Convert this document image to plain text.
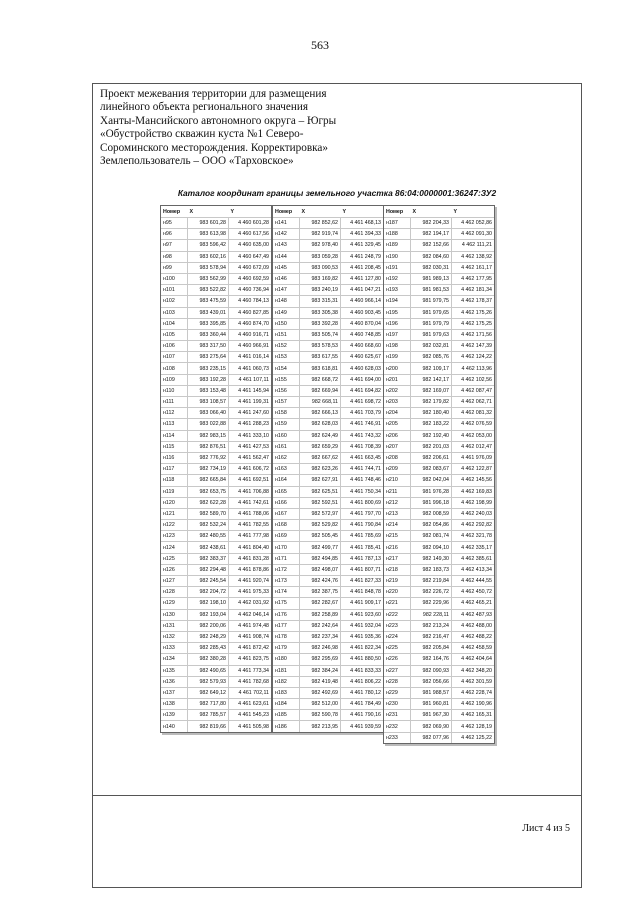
563
Проект межевания территории для размещения
линейного объекта регионального значения
Ханты-Мансийского автономного округа – Югры
«Обустройство скважин куста №1 Северо-
Сороминского месторождения. Корректировка»
Землепользователь – ООО «Тарховское»
Каталог координат границы земельного участка 86:04:0000001:36247:ЗУ2
Номер	X	Y
н95	983 601,28	4 460 601,28
н96	983 613,98	4 460 617,56
н97	983 596,42	4 460 635,00
н98	983 602,16	4 460 647,49
н99	983 578,94	4 460 672,09
н100	983 562,99	4 460 692,59
н101	983 522,82	4 460 736,94
н102	983 475,59	4 460 784,13
н103	983 439,01	4 460 827,85
н104	983 395,85	4 460 874,70
н105	983 360,44	4 460 916,71
н106	983 317,50	4 460 966,91
н107	983 275,64	4 461 016,14
н108	983 235,15	4 461 060,73
н109	983 192,28	4 461 107,11
н110	983 153,48	4 461 145,94
н111	983 108,57	4 461 199,31
н112	983 066,40	4 461 247,60
н113	983 022,88	4 461 288,23
н114	982 983,15	4 461 333,10
н115	982 876,51	4 461 427,53
н116	982 776,92	4 461 562,47
н117	982 734,19	4 461 606,72
н118	982 665,84	4 461 692,51
н119	982 653,75	4 461 706,88
н120	982 622,28	4 461 742,61
н121	982 589,70	4 461 788,06
н122	982 532,24	4 461 782,55
н123	982 480,55	4 461 777,98
н124	982 438,61	4 461 804,40
н125	982 383,37	4 461 831,28
н126	982 294,48	4 461 878,86
н127	982 245,54	4 461 920,74
н128	982 204,72	4 461 975,33
н129	982 198,10	4 462 031,92
н130	982 193,04	4 462 046,14
н131	982 200,06	4 461 974,48
н132	982 248,29	4 461 908,74
н133	982 285,43	4 461 872,42
н134	982 380,28	4 461 823,75
н135	982 490,65	4 461 773,34
н136	982 579,93	4 461 782,68
н137	982 649,12	4 461 702,11
н138	982 717,80	4 461 623,61
н139	982 785,57	4 461 545,23
н140	982 819,66	4 461 505,98
Номер	X	Y
н141	982 852,62	4 461 468,13
н142	982 919,74	4 461 394,33
н143	982 978,40	4 461 329,45
н144	983 059,28	4 461 248,79
н145	983 090,53	4 461 208,45
н146	983 169,82	4 461 127,80
н147	983 240,19	4 461 047,21
н148	983 315,31	4 460 966,14
н149	983 305,38	4 460 903,45
н150	983 392,28	4 460 870,04
н151	983 505,74	4 460 748,85
н152	983 578,53	4 460 668,60
н153	983 617,55	4 460 625,67
н154	983 618,81	4 460 628,03
н155	982 668,72	4 461 694,00
н156	982 669,94	4 461 694,82
н157	982 668,11	4 461 698,72
н158	982 666,13	4 461 703,79
н159	982 628,03	4 461 746,91
н160	982 624,49	4 461 743,32
н161	982 659,29	4 461 708,39
н162	982 667,62	4 461 663,45
н163	982 623,26	4 461 744,71
н164	982 627,91	4 461 748,46
н165	982 625,51	4 461 750,34
н166	982 592,51	4 461 800,69
н167	982 572,97	4 461 797,70
н168	982 529,82	4 461 790,84
н169	982 505,45	4 461 785,69
н170	982 499,77	4 461 785,41
н171	982 494,85	4 461 787,13
н172	982 498,07	4 461 807,71
н173	982 424,76	4 461 827,33
н174	982 387,75	4 461 848,78
н175	982 282,67	4 461 909,17
н176	982 258,89	4 461 923,60
н177	982 242,64	4 461 932,04
н178	982 237,34	4 461 935,36
н179	982 246,98	4 461 822,34
н180	982 295,69	4 461 880,50
н181	982 384,24	4 461 833,33
н182	982 419,48	4 461 806,22
н183	982 492,69	4 461 780,12
н184	982 512,00	4 461 784,49
н185	982 590,78	4 461 790,16
н186	982 213,95	4 461 939,59
Номер	X	Y
н187	982 204,33	4 462 052,86
н188	982 194,17	4 462 091,30
н189	982 152,66	4 462 111,21
н190	982 084,60	4 462 138,92
н191	982 030,31	4 462 161,17
н192	981 989,13	4 462 177,95
н193	981 981,53	4 462 181,34
н194	981 979,75	4 462 178,37
н195	981 979,65	4 462 175,26
н196	981 979,79	4 462 175,25
н197	981 979,63	4 462 171,56
н198	982 032,81	4 462 147,39
н199	982 085,76	4 462 124,22
н200	982 109,17	4 462 113,96
н201	982 142,17	4 462 102,56
н202	982 169,07	4 462 087,47
н203	982 179,82	4 462 062,71
н204	982 180,40	4 462 081,32
н205	982 183,22	4 462 076,59
н206	982 192,40	4 462 053,00
н207	982 201,03	4 462 012,47
н208	982 206,61	4 461 976,09
н209	982 083,67	4 462 122,87
н210	982 042,04	4 462 145,56
н211	981 976,28	4 462 169,83
н212	981 996,18	4 462 198,99
н213	982 008,59	4 462 240,03
н214	982 054,86	4 462 292,82
н215	982 081,74	4 462 321,78
н216	982 094,10	4 462 335,17
н217	982 149,30	4 462 385,61
н218	982 183,73	4 462 413,34
н219	982 219,84	4 462 444,55
н220	982 226,72	4 462 450,72
н221	982 229,96	4 462 465,21
н222	982 228,11	4 462 487,93
н223	982 213,24	4 462 488,00
н224	982 216,47	4 462 488,22
н225	982 205,84	4 462 458,59
н226	982 164,76	4 462 404,64
н227	982 090,93	4 462 348,20
н228	982 056,66	4 462 301,59
н229	981 988,57	4 462 228,74
н230	981 960,81	4 462 190,96
н231	981 967,30	4 462 165,31
н232	982 069,90	4 462 128,19
н233	982 077,96	4 462 125,22
Лист 4 из 5
